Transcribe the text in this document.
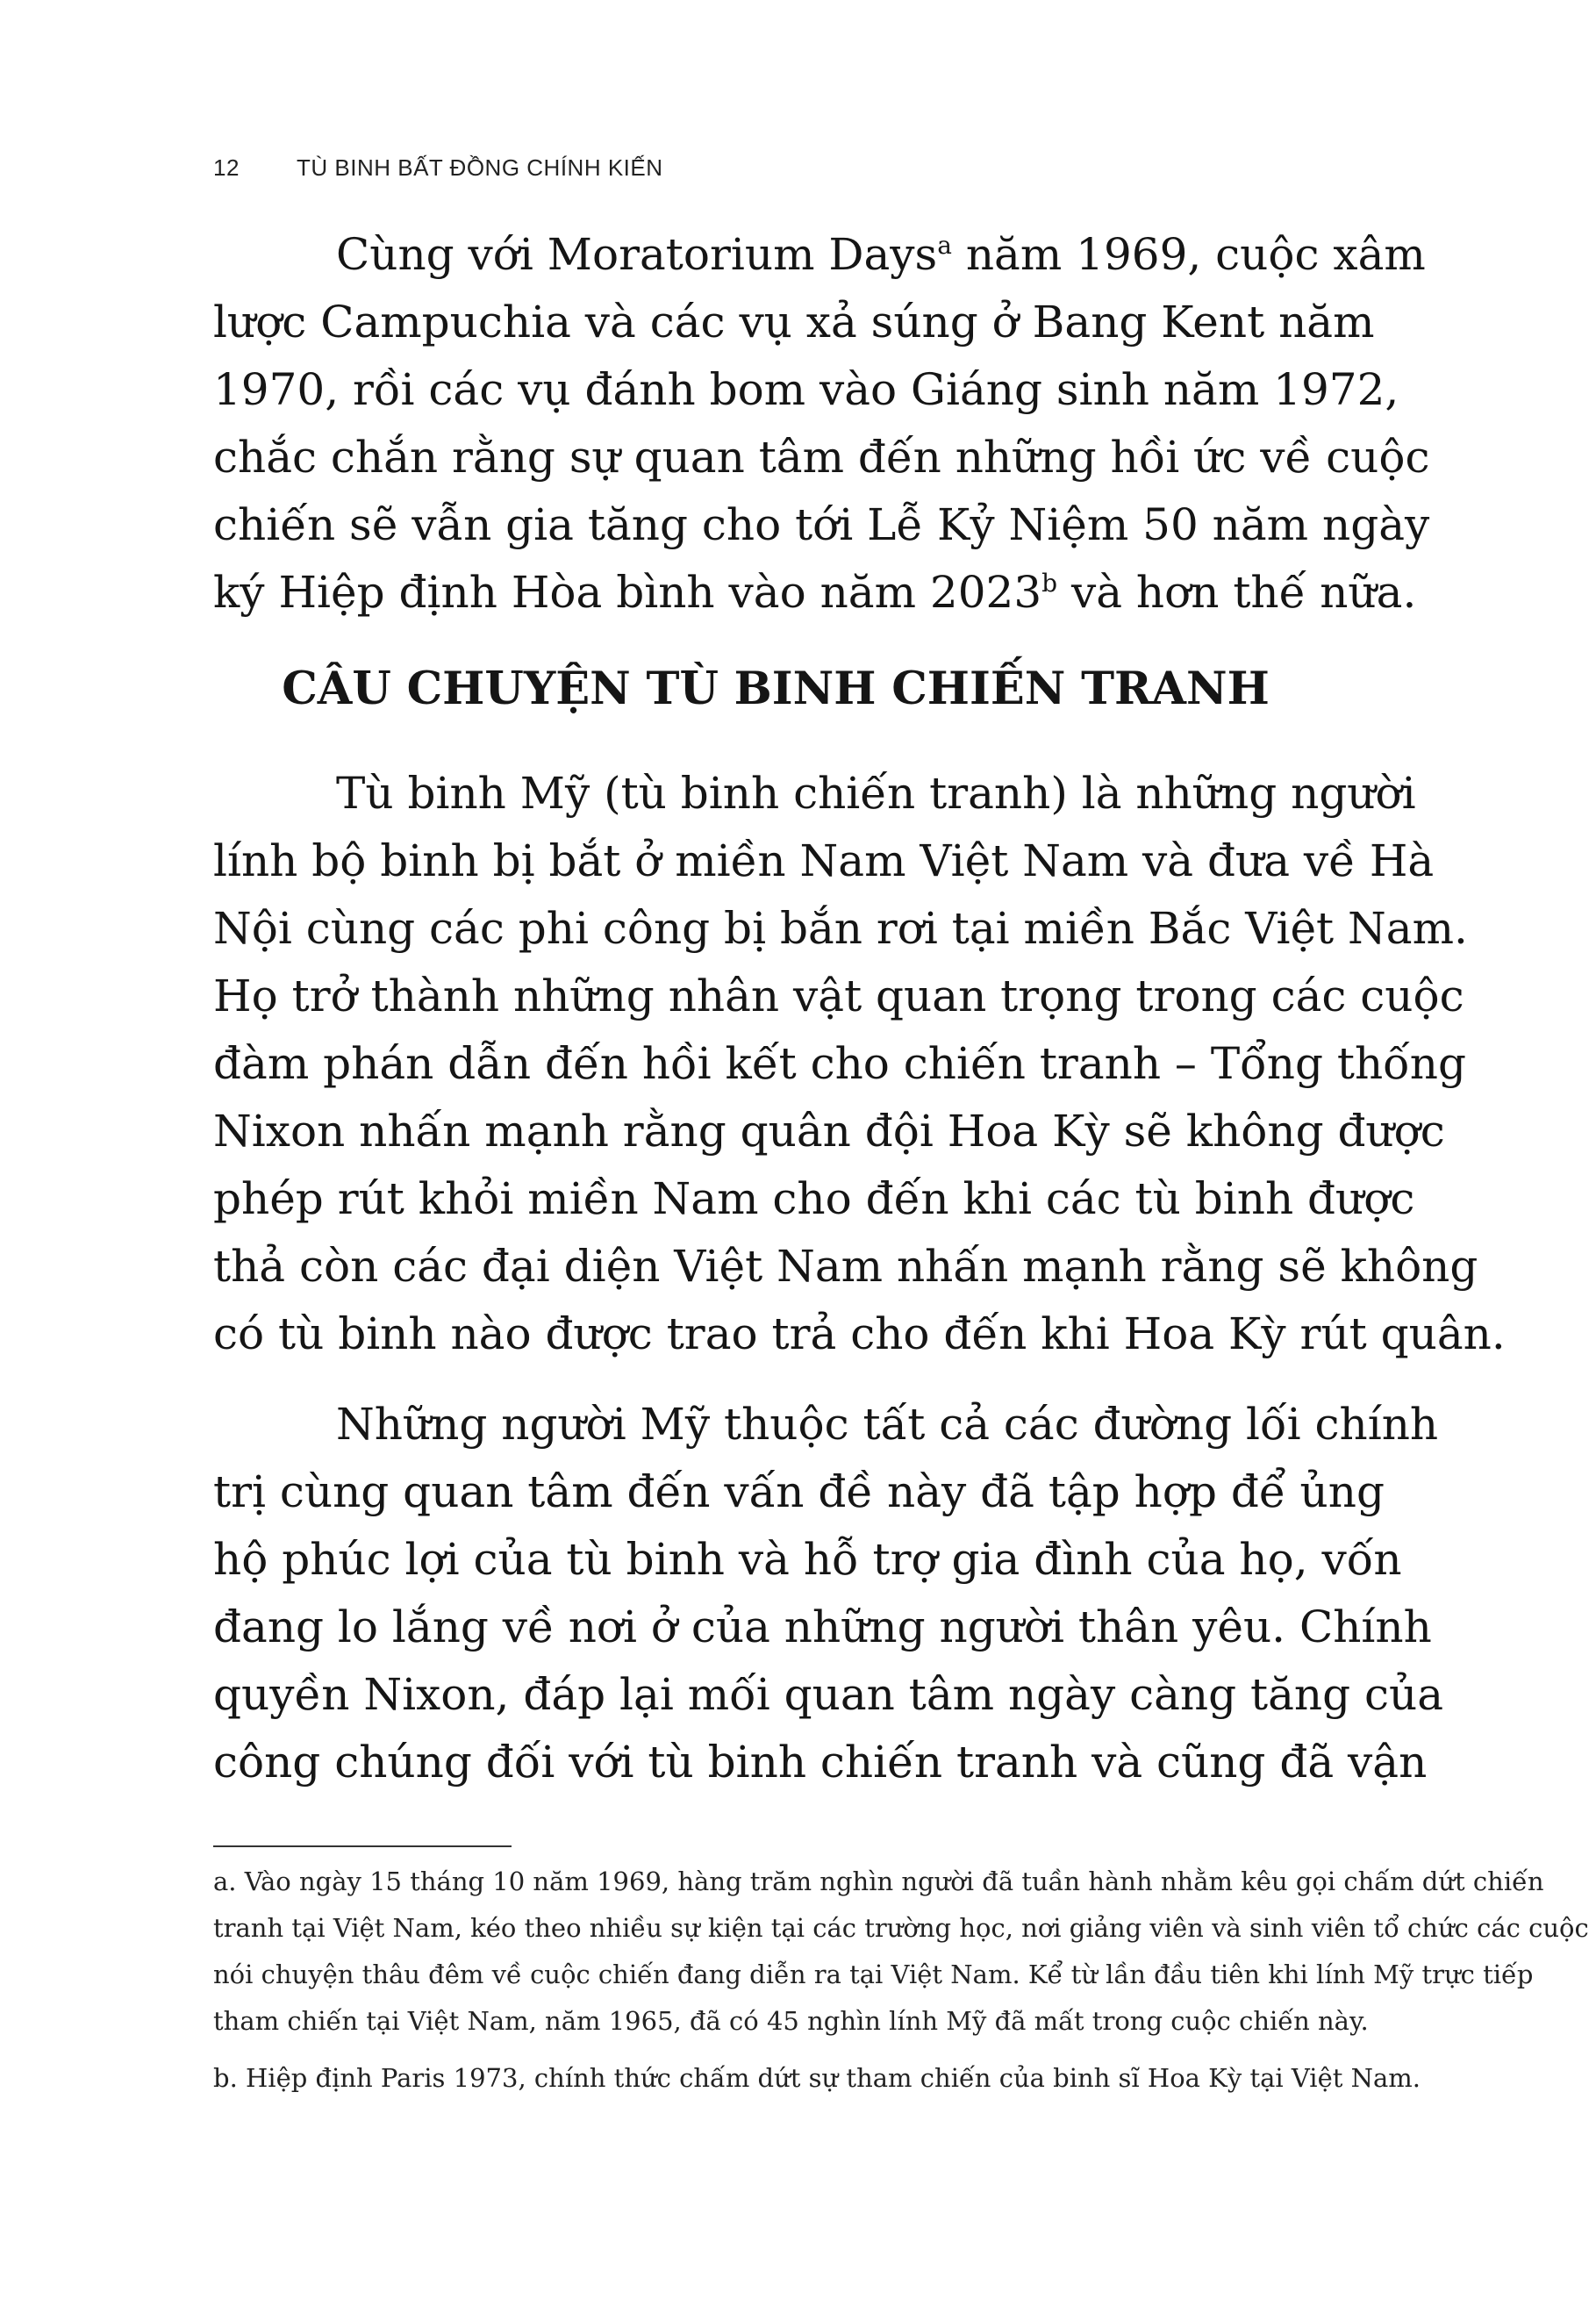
12	TÙ BINH BẤT ĐỒNG CHÍNH KIẾN
Cùng với Moratorium Days$^a$ năm 1969, cuộc xâm
lược Campuchia và các vụ xả súng ở Bang Kent năm
1970, rồi các vụ đánh bom vào Giáng sinh năm 1972,
chắc chắn rằng sự quan tâm đến những hồi ức về cuộc
chiến sẽ vẫn gia tăng cho tới Lễ Kỷ Niệm 50 năm ngày
ký Hiệp định Hòa bình vào năm 2023$^b$ và hơn thế nữa.
CÂU CHUYỆN TÙ BINH CHIẾN TRANH
Tù binh Mỹ (tù binh chiến tranh) là những người
lính bộ binh bị bắt ở miền Nam Việt Nam và đưa về Hà
Nội cùng các phi công bị bắn rơi tại miền Bắc Việt Nam.
Họ trở thành những nhân vật quan trọng trong các cuộc
đàm phán dẫn đến hồi kết cho chiến tranh – Tổng thống
Nixon nhấn mạnh rằng quân đội Hoa Kỳ sẽ không được
phép rút khỏi miền Nam cho đến khi các tù binh được
thả còn các đại diện Việt Nam nhấn mạnh rằng sẽ không
có tù binh nào được trao trả cho đến khi Hoa Kỳ rút quân.
Những người Mỹ thuộc tất cả các đường lối chính
trị cùng quan tâm đến vấn đề này đã tập hợp để ủng
hộ phúc lợi của tù binh và hỗ trợ gia đình của họ, vốn
đang lo lắng về nơi ở của những người thân yêu. Chính
quyền Nixon, đáp lại mối quan tâm ngày càng tăng của
công chúng đối với tù binh chiến tranh và cũng đã vận
a. Vào ngày 15 tháng 10 năm 1969, hàng trăm nghìn người đã tuần hành nhằm kêu gọi chấm dứt chiến
tranh tại Việt Nam, kéo theo nhiều sự kiện tại các trường học, nơi giảng viên và sinh viên tổ chức các cuộc
nói chuyện thâu đêm về cuộc chiến đang diễn ra tại Việt Nam. Kể từ lần đầu tiên khi lính Mỹ trực tiếp
tham chiến tại Việt Nam, năm 1965, đã có 45 nghìn lính Mỹ đã mất trong cuộc chiến này.
b. Hiệp định Paris 1973, chính thức chấm dứt sự tham chiến của binh sĩ Hoa Kỳ tại Việt Nam.
